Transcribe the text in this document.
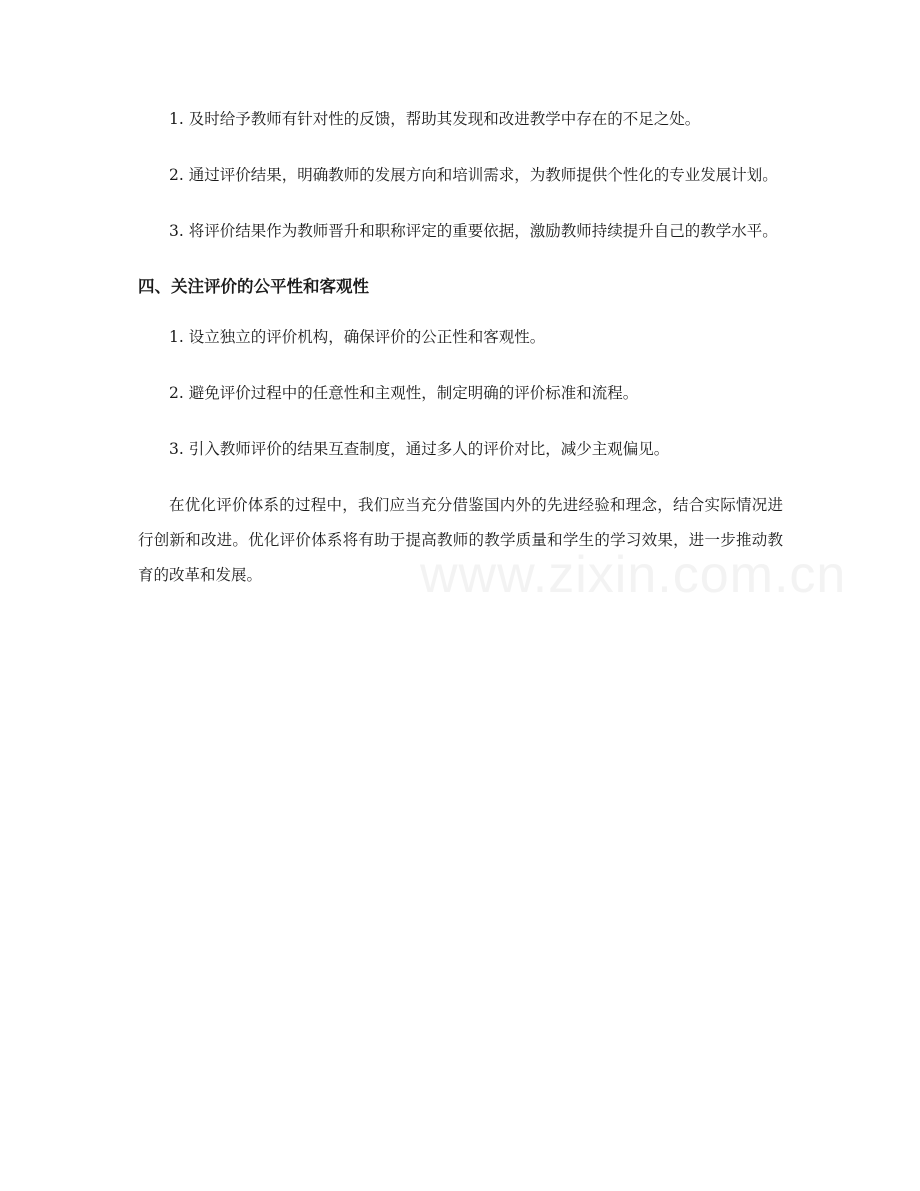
1. 及时给予教师有针对性的反馈，帮助其发现和改进教学中存在的不足之处。

2. 通过评价结果，明确教师的发展方向和培训需求，为教师提供个性化的专业发展计划。

3. 将评价结果作为教师晋升和职称评定的重要依据，激励教师持续提升自己的教学水平。

四、关注评价的公平性和客观性

1. 设立独立的评价机构，确保评价的公正性和客观性。

2. 避免评价过程中的任意性和主观性，制定明确的评价标准和流程。

3. 引入教师评价的结果互查制度，通过多人的评价对比，减少主观偏见。

在优化评价体系的过程中，我们应当充分借鉴国内外的先进经验和理念，结合实际情况进行创新和改进。优化评价体系将有助于提高教师的教学质量和学生的学习效果，进一步推动教育的改革和发展。	www.zixin.com.cn
